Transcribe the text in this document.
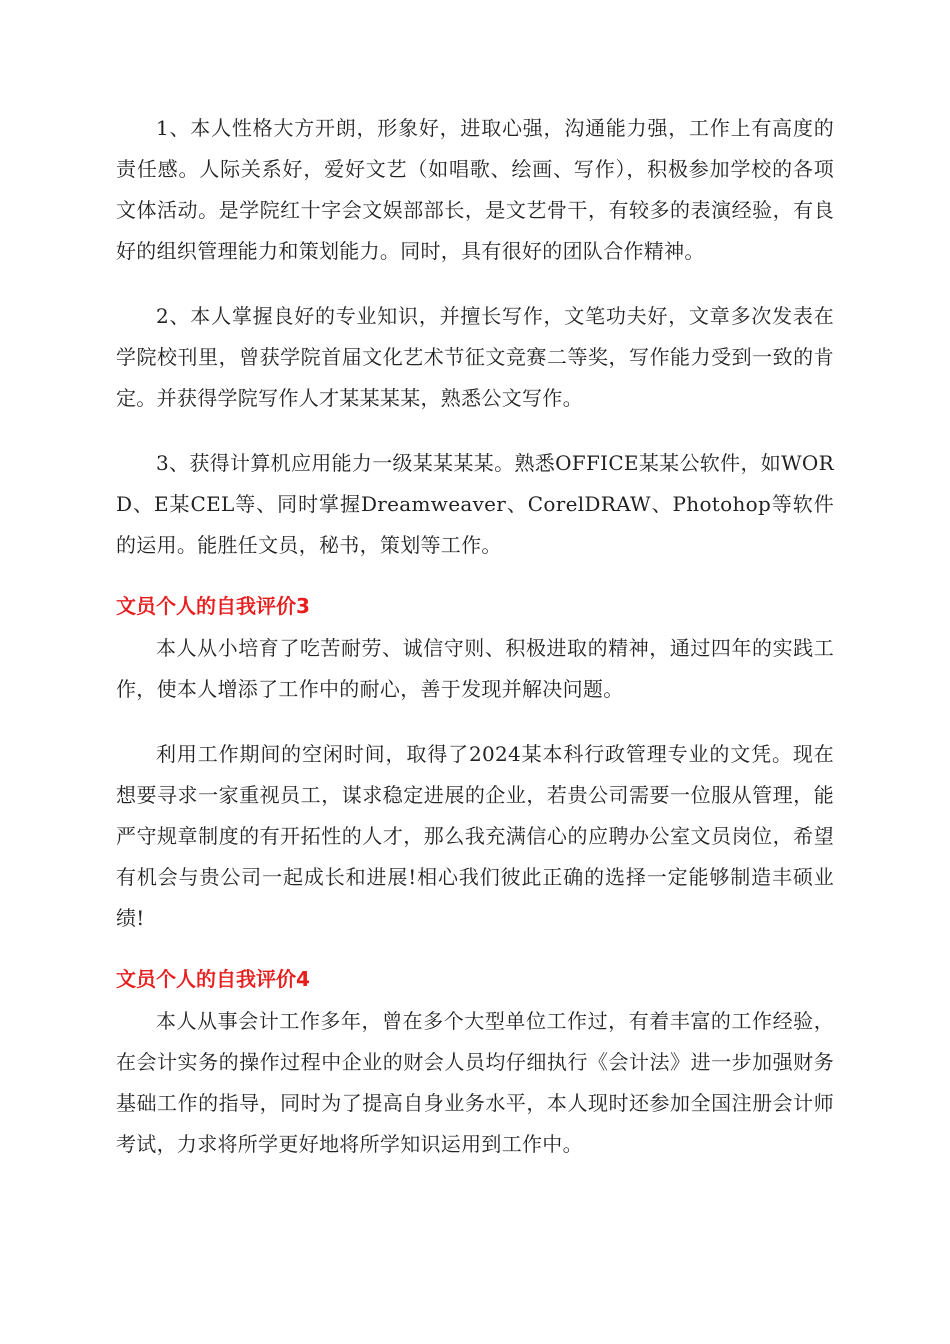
1、本人性格大方开朗，形象好，进取心强，沟通能力强，工作上有高度的责任感。人际关系好，爱好文艺（如唱歌、绘画、写作），积极参加学校的各项文体活动。是学院红十字会文娱部部长，是文艺骨干，有较多的表演经验，有良好的组织管理能力和策划能力。同时，具有很好的团队合作精神。

2、本人掌握良好的专业知识，并擅长写作，文笔功夫好，文章多次发表在学院校刊里，曾获学院首届文化艺术节征文竞赛二等奖，写作能力受到一致的肯定。并获得学院写作人才某某某某，熟悉公文写作。

3、获得计算机应用能力一级某某某某。熟悉OFFICE某某公软件，如WORD、E某CEL等、同时掌握Dreamweaver、CorelDRAW、Photohop等软件的运用。能胜任文员，秘书，策划等工作。

文员个人的自我评价3

本人从小培育了吃苦耐劳、诚信守则、积极进取的精神，通过四年的实践工作，使本人增添了工作中的耐心，善于发现并解决问题。

利用工作期间的空闲时间，取得了2024某本科行政管理专业的文凭。现在想要寻求一家重视员工，谋求稳定进展的企业，若贵公司需要一位服从管理，能严守规章制度的有开拓性的人才，那么我充满信心的应聘办公室文员岗位，希望有机会与贵公司一起成长和进展!相心我们彼此正确的选择一定能够制造丰硕业绩!

文员个人的自我评价4

本人从事会计工作多年，曾在多个大型单位工作过，有着丰富的工作经验，在会计实务的操作过程中企业的财会人员均仔细执行《会计法》进一步加强财务基础工作的指导，同时为了提高自身业务水平，本人现时还参加全国注册会计师考试，力求将所学更好地将所学知识运用到工作中。
